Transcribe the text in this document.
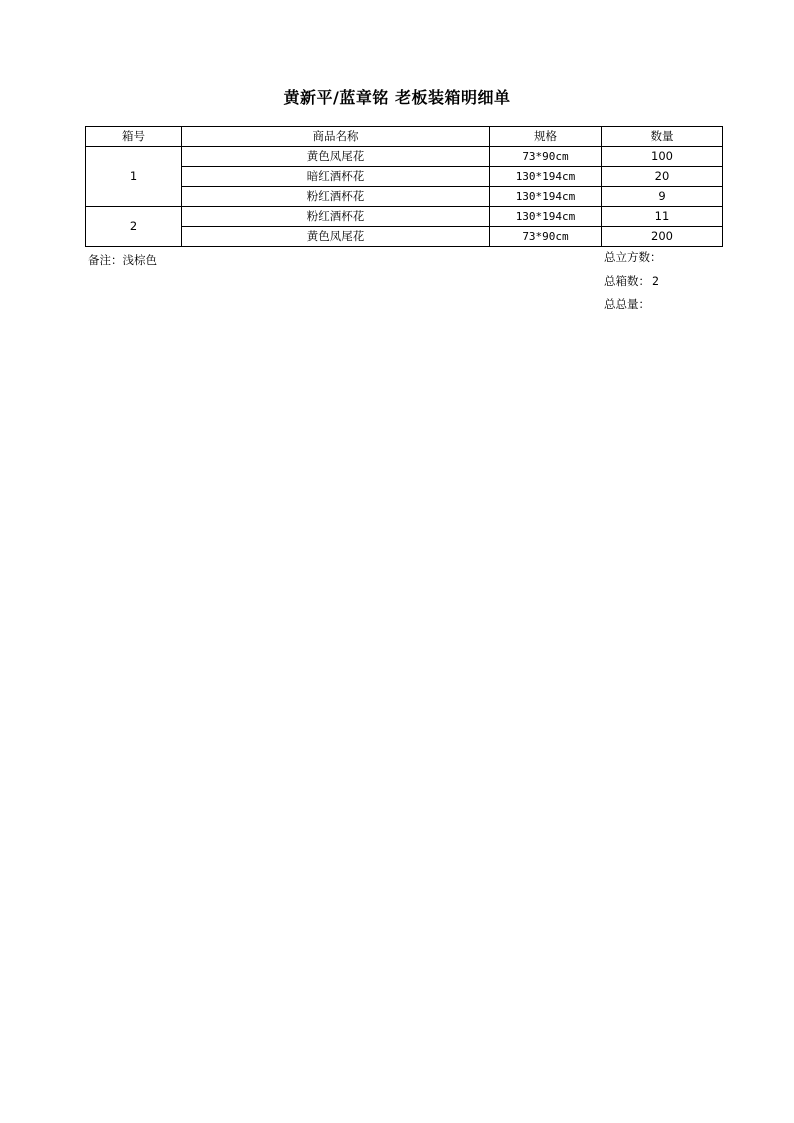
黄新平/蓝章铭 老板装箱明细单
箱号	商品名称	规格	数量
1	黄色凤尾花	73*90cm	100
	暗红酒杯花	130*194cm	20
	粉红酒杯花	130*194cm	9
2	粉红酒杯花	130*194cm	11
	黄色凤尾花	73*90cm	200
备注：浅棕色	总立方数：
总箱数： 2
总总量：
